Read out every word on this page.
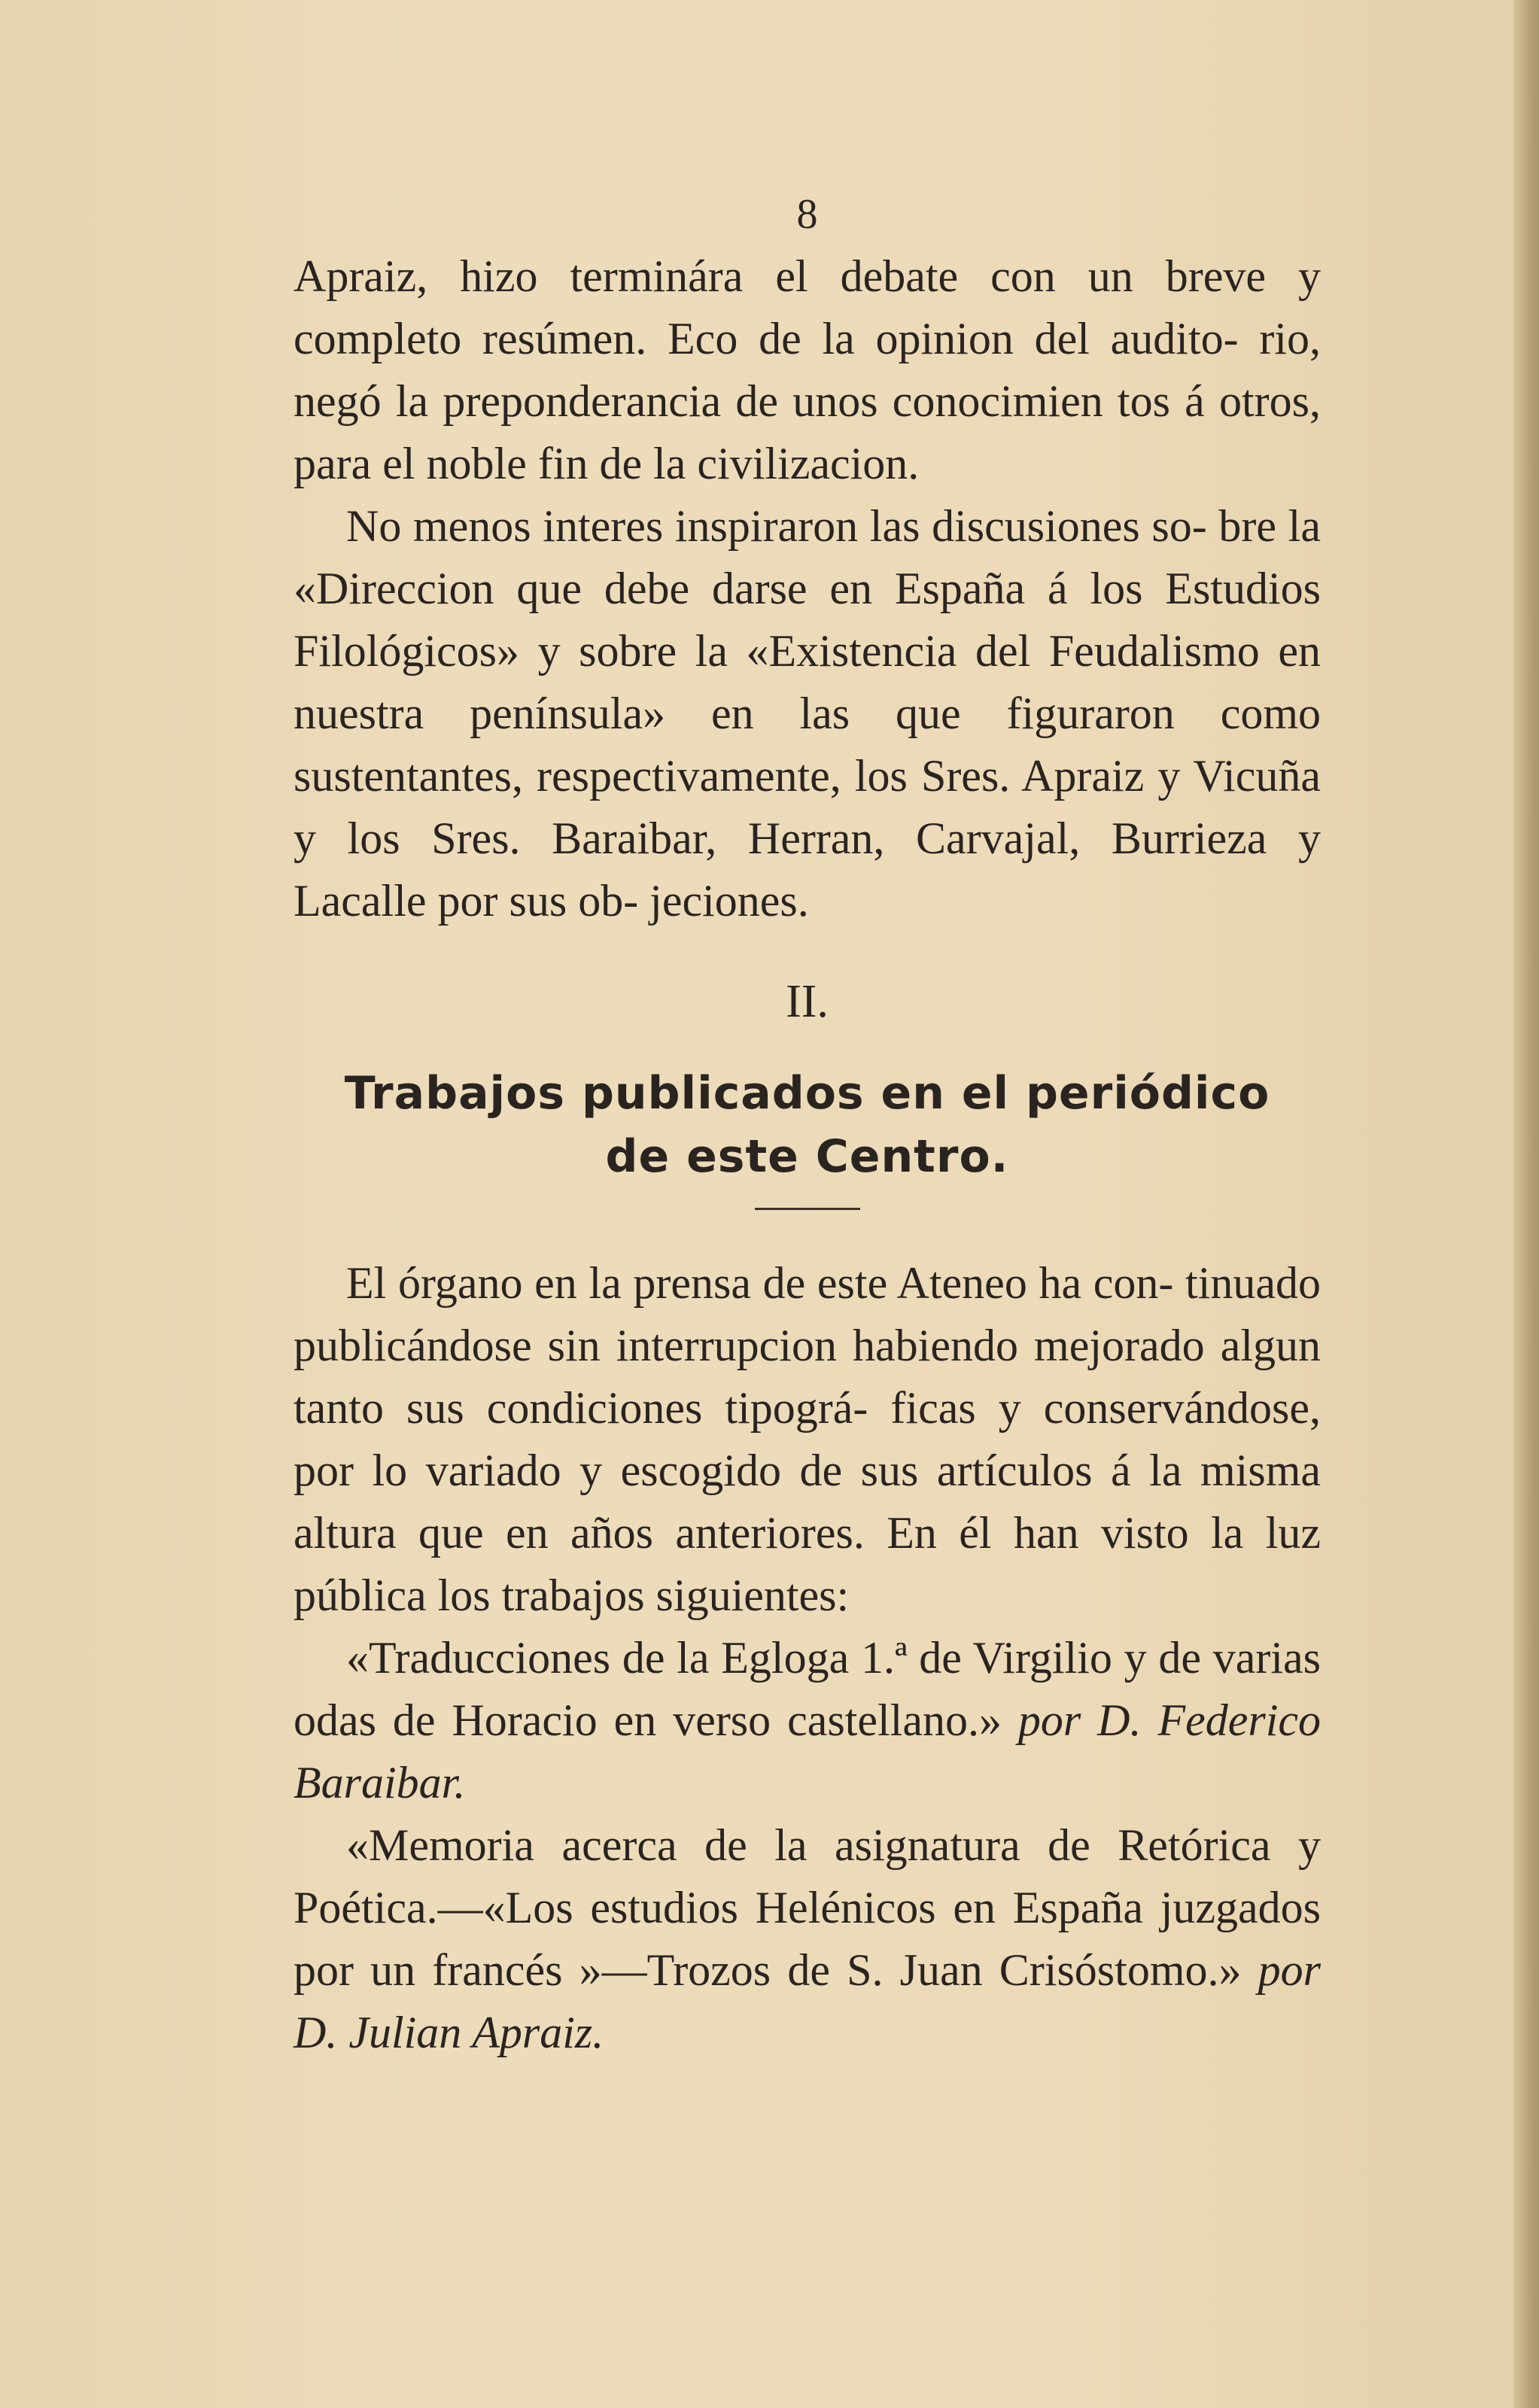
8

Apraiz, hizo terminára el debate con un breve y completo resúmen. Eco de la opinion del audito- rio, negó la preponderancia de unos conocimien tos á otros, para el noble fin de la civilizacion.

No menos interes inspiraron las discusiones so- bre la «Direccion que debe darse en España á los Estudios Filológicos» y sobre la «Existencia del Feudalismo en nuestra península» en las que figuraron como sustentantes, respectivamente, los Sres. Apraiz y Vicuña y los Sres. Baraibar, Herran, Carvajal, Burrieza y Lacalle por sus ob- jeciones.

II.
Trabajos publicados en el periódico
de este Centro.

El órgano en la prensa de este Ateneo ha con- tinuado publicándose sin interrupcion habiendo mejorado algun tanto sus condiciones tipográ- ficas y conservándose, por lo variado y escogido de sus artículos á la misma altura que en años anteriores. En él han visto la luz pública los trabajos siguientes:

«Traducciones de la Egloga 1.ª de Virgilio y de varias odas de Horacio en verso castellano.» por D. Federico Baraibar.

«Memoria acerca de la asignatura de Retórica y Poética.—«Los estudios Helénicos en España juzgados por un francés »—Trozos de S. Juan Crisóstomo.» por D. Julian Apraiz.
